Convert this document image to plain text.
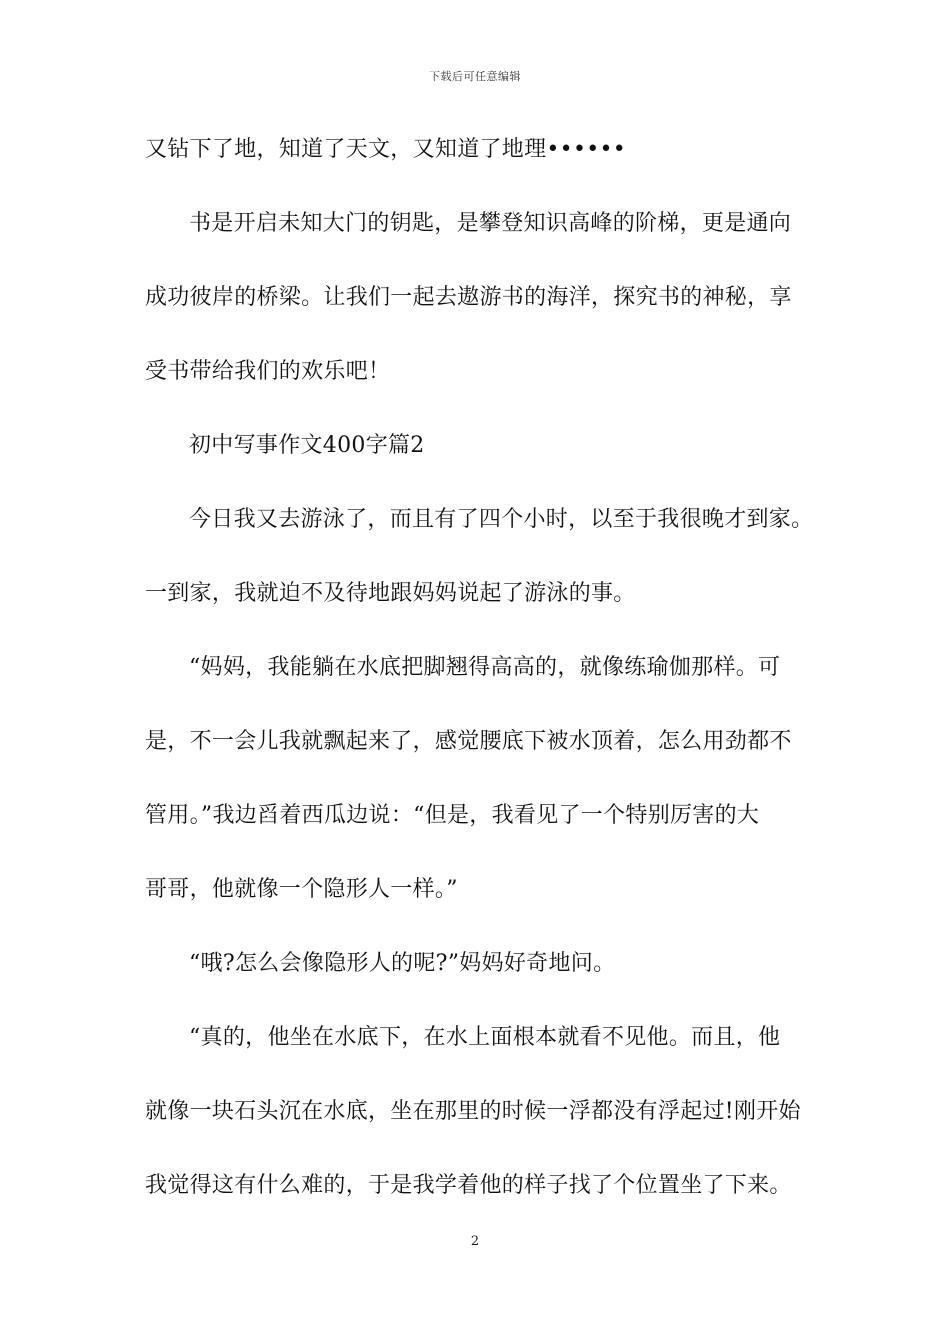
下载后可任意编辑
又钻下了地，知道了天文，又知道了地理••••••
书是开启未知大门的钥匙，是攀登知识高峰的阶梯，更是通向
成功彼岸的桥梁。让我们一起去遨游书的海洋，探究书的神秘，享
受书带给我们的欢乐吧！
初中写事作文400字篇2
今日我又去游泳了，而且有了四个小时，以至于我很晚才到家。
一到家，我就迫不及待地跟妈妈说起了游泳的事。
“妈妈，我能躺在水底把脚翘得高高的，就像练瑜伽那样。可
是，不一会儿我就飘起来了，感觉腰底下被水顶着，怎么用劲都不
管用。”我边舀着西瓜边说：“但是，我看见了一个特别厉害的大
哥哥，他就像一个隐形人一样。”
“哦?怎么会像隐形人的呢?”妈妈好奇地问。
“真的，他坐在水底下，在水上面根本就看不见他。而且，他
就像一块石头沉在水底，坐在那里的时候一浮都没有浮起过!刚开始
我觉得这有什么难的，于是我学着他的样子找了个位置坐了下来。
2
